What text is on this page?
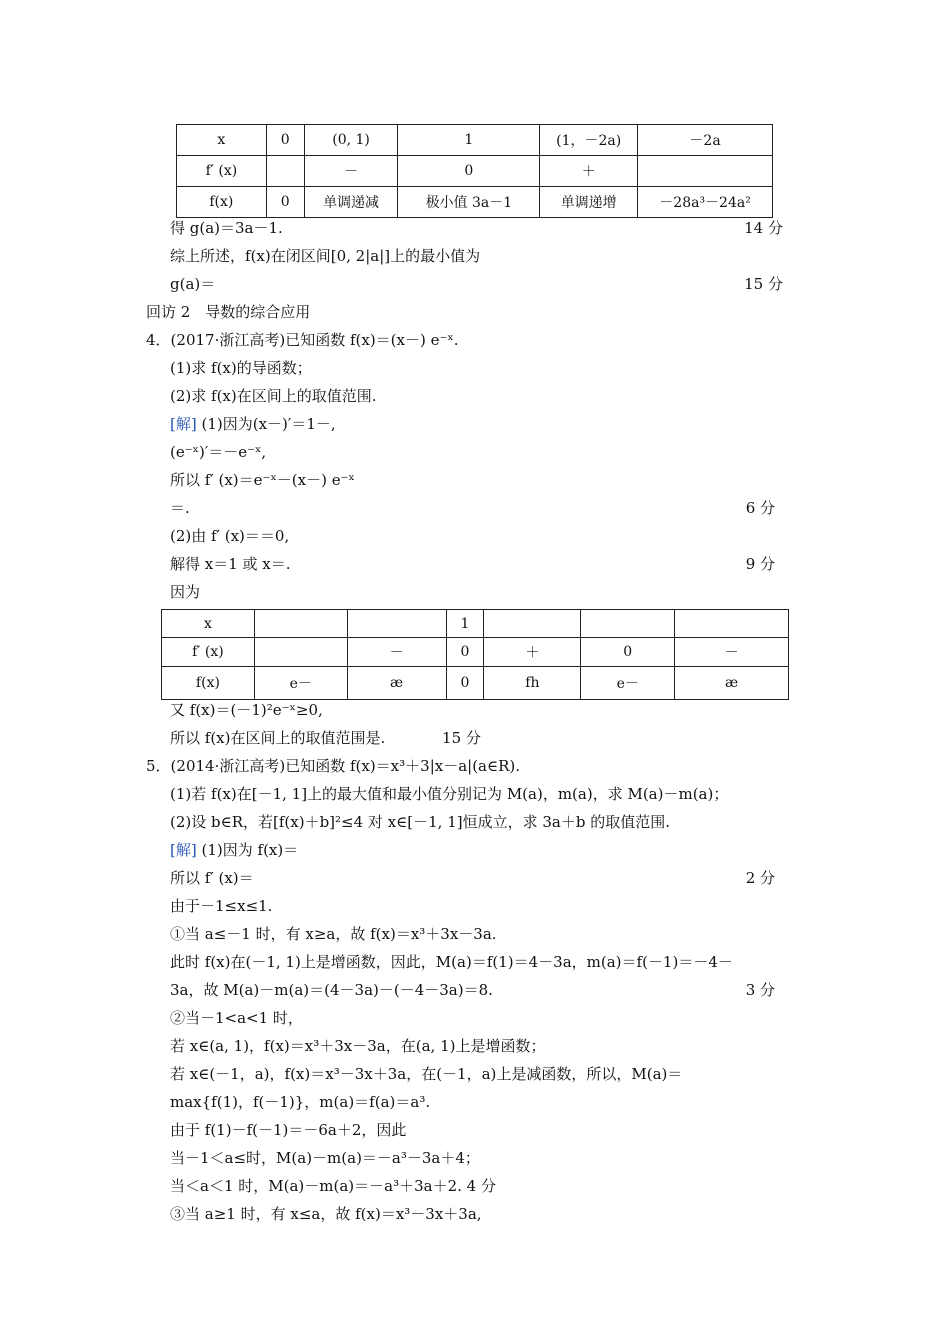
x	0	(0, 1)	1	(1，－2a)	－2a
f′ (x)		－	0	＋	
f(x)	0	单调递减	极小值 3a－1	单调递增	－28a³－24a²
得 g(a)＝3a－1.	14 分
综上所述，f(x)在闭区间[0, 2|a|]上的最小值为
g(a)＝	15 分
回访 2　导数的综合应用
4．(2017·浙江高考)已知函数 f(x)＝(x－) e⁻ˣ.
(1)求 f(x)的导函数；
(2)求 f(x)在区间上的取值范围.
[解] (1)因为(x－)′＝1－,
(e⁻ˣ)′＝－e⁻ˣ,
所以 f′ (x)＝e⁻ˣ－(x－) e⁻ˣ
＝.	6 分
(2)由 f′ (x)＝＝0,
解得 x＝1 或 x＝.	9 分
因为
x			1			
f′ (x)		－	0	＋	0	－
f(x)	e－	æ	0	fh	e－	æ
又 f(x)＝(－1)²e⁻ˣ≥0,
所以 f(x)在区间上的取值范围是.	15 分
5．(2014·浙江高考)已知函数 f(x)＝x³＋3|x－a|(a∈R).
(1)若 f(x)在[－1, 1]上的最大值和最小值分别记为 M(a)，m(a)，求 M(a)－m(a)；
(2)设 b∈R，若[f(x)＋b]²≤4 对 x∈[－1, 1]恒成立，求 3a＋b 的取值范围.
[解] (1)因为 f(x)＝
所以 f′ (x)＝	2 分
由于－1≤x≤1.
①当 a≤－1 时，有 x≥a，故 f(x)＝x³＋3x－3a.
此时 f(x)在(－1, 1)上是增函数，因此，M(a)＝f(1)＝4－3a，m(a)＝f(－1)＝－4－
3a，故 M(a)－m(a)＝(4－3a)－(－4－3a)＝8.	3 分
②当－1<a<1 时，
若 x∈(a, 1)，f(x)＝x³＋3x－3a，在(a, 1)上是增函数；
若 x∈(－1，a)，f(x)＝x³－3x＋3a，在(－1，a)上是减函数，所以，M(a)＝
max{f(1)，f(－1)}，m(a)＝f(a)＝a³.
由于 f(1)－f(－1)＝－6a＋2，因此
当－1＜a≤时，M(a)－m(a)＝－a³－3a＋4；
当＜a＜1 时，M(a)－m(a)＝－a³＋3a＋2. 4 分
③当 a≥1 时，有 x≤a，故 f(x)＝x³－3x＋3a,
